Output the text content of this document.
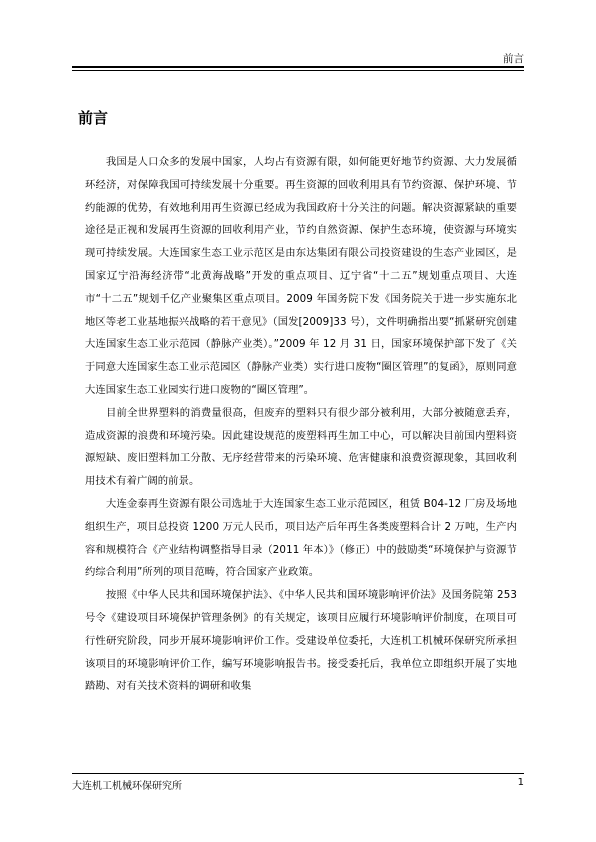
前言
前言

我国是人口众多的发展中国家，人均占有资源有限，如何能更好地节约资源、大力发展循环经济，对保障我国可持续发展十分重要。再生资源的回收利用具有节约资源、保护环境、节约能源的优势，有效地利用再生资源已经成为我国政府十分关注的问题。解决资源紧缺的重要途径是正视和发展再生资源的回收利用产业，节约自然资源、保护生态环境，使资源与环境实现可持续发展。大连国家生态工业示范区是由东达集团有限公司投资建设的生态产业园区，是国家辽宁沿海经济带“北黄海战略”开发的重点项目、辽宁省“十二五”规划重点项目、大连市“十二五”规划千亿产业聚集区重点项目。2009 年国务院下发《国务院关于进一步实施东北地区等老工业基地振兴战略的若干意见》（国发[2009]33 号），文件明确指出要“抓紧研究创建大连国家生态工业示范园（静脉产业类）。”2009 年 12 月 31 日，国家环境保护部下发了《关于同意大连国家生态工业示范园区（静脉产业类）实行进口废物“圈区管理”的复函》，原则同意大连国家生态工业园实行进口废物的“圈区管理”。

目前全世界塑料的消费量很高，但废弃的塑料只有很少部分被利用，大部分被随意丢弃，造成资源的浪费和环境污染。因此建设规范的废塑料再生加工中心，可以解决目前国内塑料资源短缺、废旧塑料加工分散、无序经营带来的污染环境、危害健康和浪费资源现象，其回收利用技术有着广阔的前景。

大连金泰再生资源有限公司选址于大连国家生态工业示范园区，租赁 B04-12 厂房及场地组织生产，项目总投资 1200 万元人民币，项目达产后年再生各类废塑料合计 2 万吨，生产内容和规模符合《产业结构调整指导目录（2011 年本）》（修正）中的鼓励类“环境保护与资源节约综合利用”所列的项目范畴，符合国家产业政策。

按照《中华人民共和国环境保护法》、《中华人民共和国环境影响评价法》及国务院第 253 号令《建设项目环境保护管理条例》的有关规定，该项目应履行环境影响评价制度，在项目可行性研究阶段，同步开展环境影响评价工作。受建设单位委托，大连机工机械环保研究所承担该项目的环境影响评价工作，编写环境影响报告书。接受委托后，我单位立即组织开展了实地踏勘、对有关技术资料的调研和收集

大连机工机械环保研究所	1
